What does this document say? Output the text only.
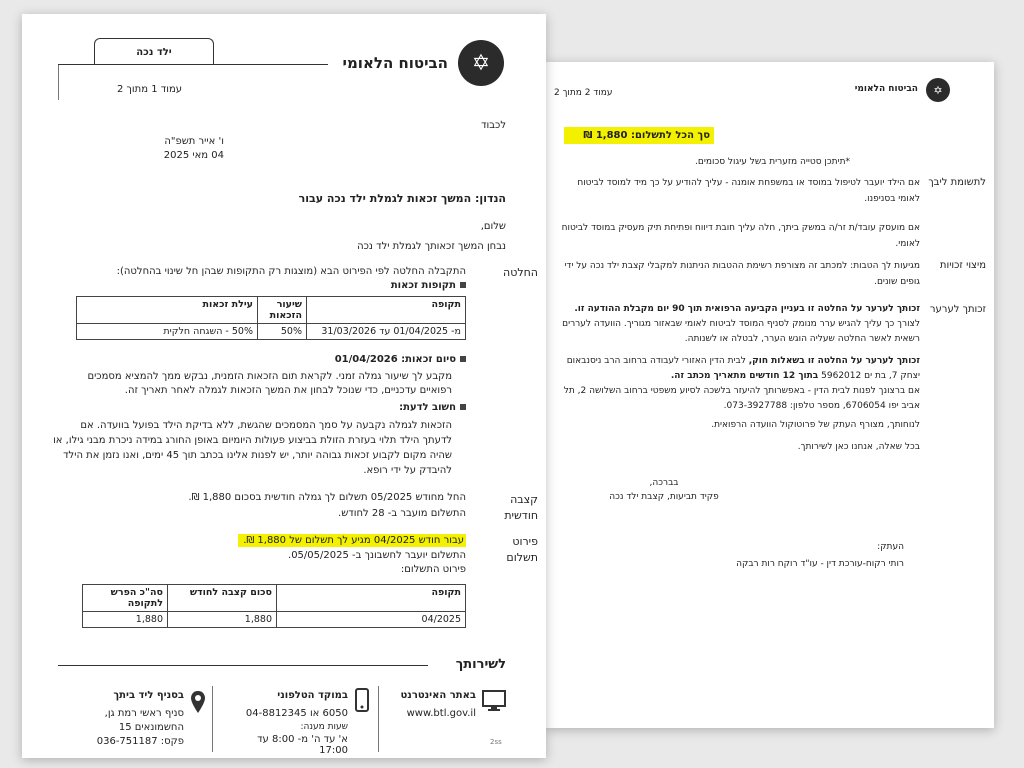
✡
הביטוח הלאומי
עמוד 2 מתוך 2
סך הכל לתשלום: 1,880 ₪
*תיתכן סטייה מזערית בשל עיגול סכומים.
לתשומת ליבך
אם הילד יועבר לטיפול במוסד או במשפחת אומנה - עליך להודיע על כך מיד למוסד לביטוח לאומי בסניפנו.
אם מועסק עובד/ת זר/ה במשק ביתך, חלה עליך חובת דיווח ופתיחת תיק מעסיק במוסד לביטוח לאומי.
מיצוי זכויות
מגיעות לך הטבות: למכתב זה מצורפת רשימת ההטבות הניתנות למקבלי קצבת ילד נכה על ידי גופים שונים.
זכותך לערער
זכותך לערער על החלטה זו בעניין הקביעה הרפואית תוך 90 יום מקבלת ההודעה זו. לצורך כך עליך להגיש ערר מנומק לסניף המוסד לביטוח לאומי שבאזור מגוריך. הוועדה לעררים רשאית לאשר החלטה שעליה הוגש הערר, לבטלה או לשנותה.
זכותך לערער על החלטה זו בשאלות חוק, לבית הדין האזורי לעבודה ברחוב הרב ניסנבאום יצחק 7, בת ים 5962012 בתוך 12 חודשים מתאריך מכתב זה.
אם ברצונך לפנות לבית הדין - באפשרותך להיעזר בלשכה לסיוע משפטי ברחוב השלושה 2, תל אביב יפו 6706054, מספר טלפון: 073-3927788.
לנוחותך, מצורף העתק של פרוטוקול הוועדה הרפואית.
בכל שאלה, אנחנו כאן לשירותך.
בברכה,
פקיד תביעות, קצבת ילד נכה
העתק:
רותי רקוח-עורכת דין - עו"ד רוקח רות רבקה
✡
הביטוח הלאומי
ילד נכה
עמוד 1 מתוך 2
לכבוד
ו' אייר תשפ"ה
04 מאי 2025
הנדון: המשך זכאות לגמלת ילד נכה עבור
שלום,
נבחן המשך זכאותך לגמלת ילד נכה
החלטה
התקבלה החלטה לפי הפירוט הבא (מוצגות רק התקופות שבהן חל שינוי בהחלטה):
תקופות זכאות
תקופה	שיעור הזכאות	עילת זכאות
מ- 01/04/2025 עד 31/03/2026	50%	50% - השגחה חלקית
סיום זכאות: 01/04/2026
מקבע לך שיעור גמלה זמני. לקראת תום הזכאות הזמנית, נבקש ממך להמציא מסמכים רפואיים עדכניים, כדי שנוכל לבחון את המשך הזכאות לגמלה לאחר תאריך זה.
חשוב לדעת:
הזכאות לגמלה נקבעה על סמך המסמכים שהגשת, ללא בדיקת הילד בפועל בוועדה. אם לדעתך הילד תלוי בעזרת הזולת בביצוע פעולות היומיום באופן החורג במידה ניכרת מבני גילו, או שהיה מקום לקבוע זכאות גבוהה יותר, יש לפנות אלינו בכתב תוך 45 ימים, ואנו נזמן את הילד להיבדק על ידי רופא.
קצבה חודשית
החל מחודש 05/2025 תשלום לך גמלה חודשית בסכום 1,880 ₪.
התשלום מועבר ב- 28 לחודש.
פירוט תשלום
עבור חודש 04/2025 מגיע לך תשלום של 1,880 ₪.
התשלום יועבר לחשבונך ב- 05/05/2025.
פירוט התשלום:
תקופה	סכום קצבה לחודש	סה"כ הפרש לתקופה
04/2025	1,880	1,880
לשירותך
באתר האינטרנט
www.btl.gov.il
במוקד הטלפוני
6050 או 04-8812345
שעות מענה:
א' עד ה' מ- 8:00 עד 17:00
בסניף ליד ביתך
סניף ראשי רמת גן,
החשמונאים 15
פקס: 036-751187	2ss
